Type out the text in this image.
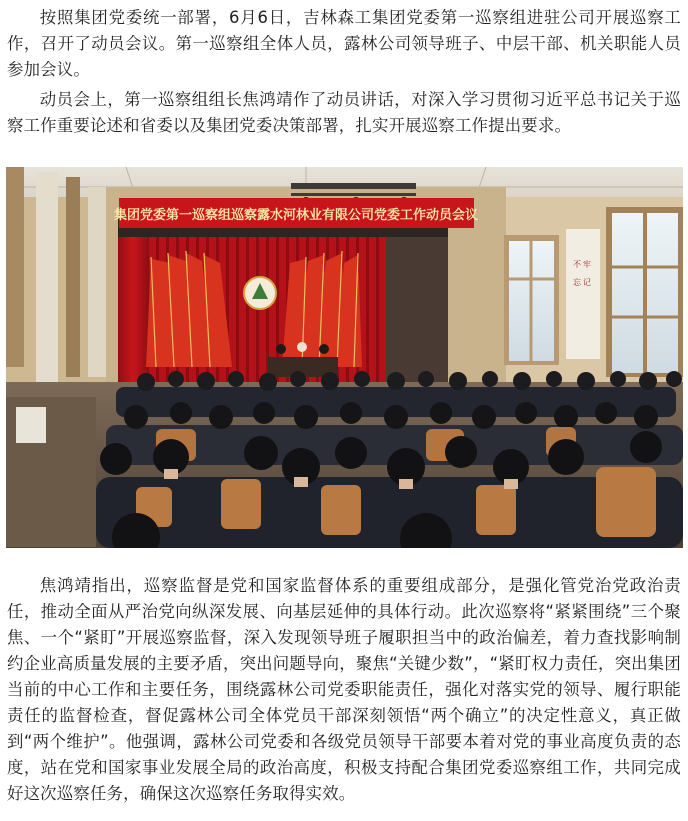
按照集团党委统一部署，6月6日，吉林森工集团党委第一巡察组进驻公司开展巡察工作，召开了动员会议。第一巡察组全体人员，露林公司领导班子、中层干部、机关职能人员参加会议。

动员会上，第一巡察组组长焦鸿靖作了动员讲话，对深入学习贯彻习近平总书记关于巡察工作重要论述和省委以及集团党委决策部署，扎实开展巡察工作提出要求。

不 牢
忘 记
集团党委第一巡察组巡察露水河林业有限公司党委工作动员会议

焦鸿靖指出，巡察监督是党和国家监督体系的重要组成部分，是强化管党治党政治责任，推动全面从严治党向纵深发展、向基层延伸的具体行动。此次巡察将“紧紧围绕”三个聚焦、一个“紧盯”开展巡察监督，深入发现领导班子履职担当中的政治偏差，着力查找影响制约企业高质量发展的主要矛盾，突出问题导向，聚焦“关键少数”，“紧盯权力责任，突出集团当前的中心工作和主要任务，围绕露林公司党委职能责任，强化对落实党的领导、履行职能责任的监督检查，督促露林公司全体党员干部深刻领悟“两个确立”的决定性意义，真正做到“两个维护”。他强调，露林公司党委和各级党员领导干部要本着对党的事业高度负责的态度，站在党和国家事业发展全局的政治高度，积极支持配合集团党委巡察组工作，共同完成好这次巡察任务，确保这次巡察任务取得实效。
